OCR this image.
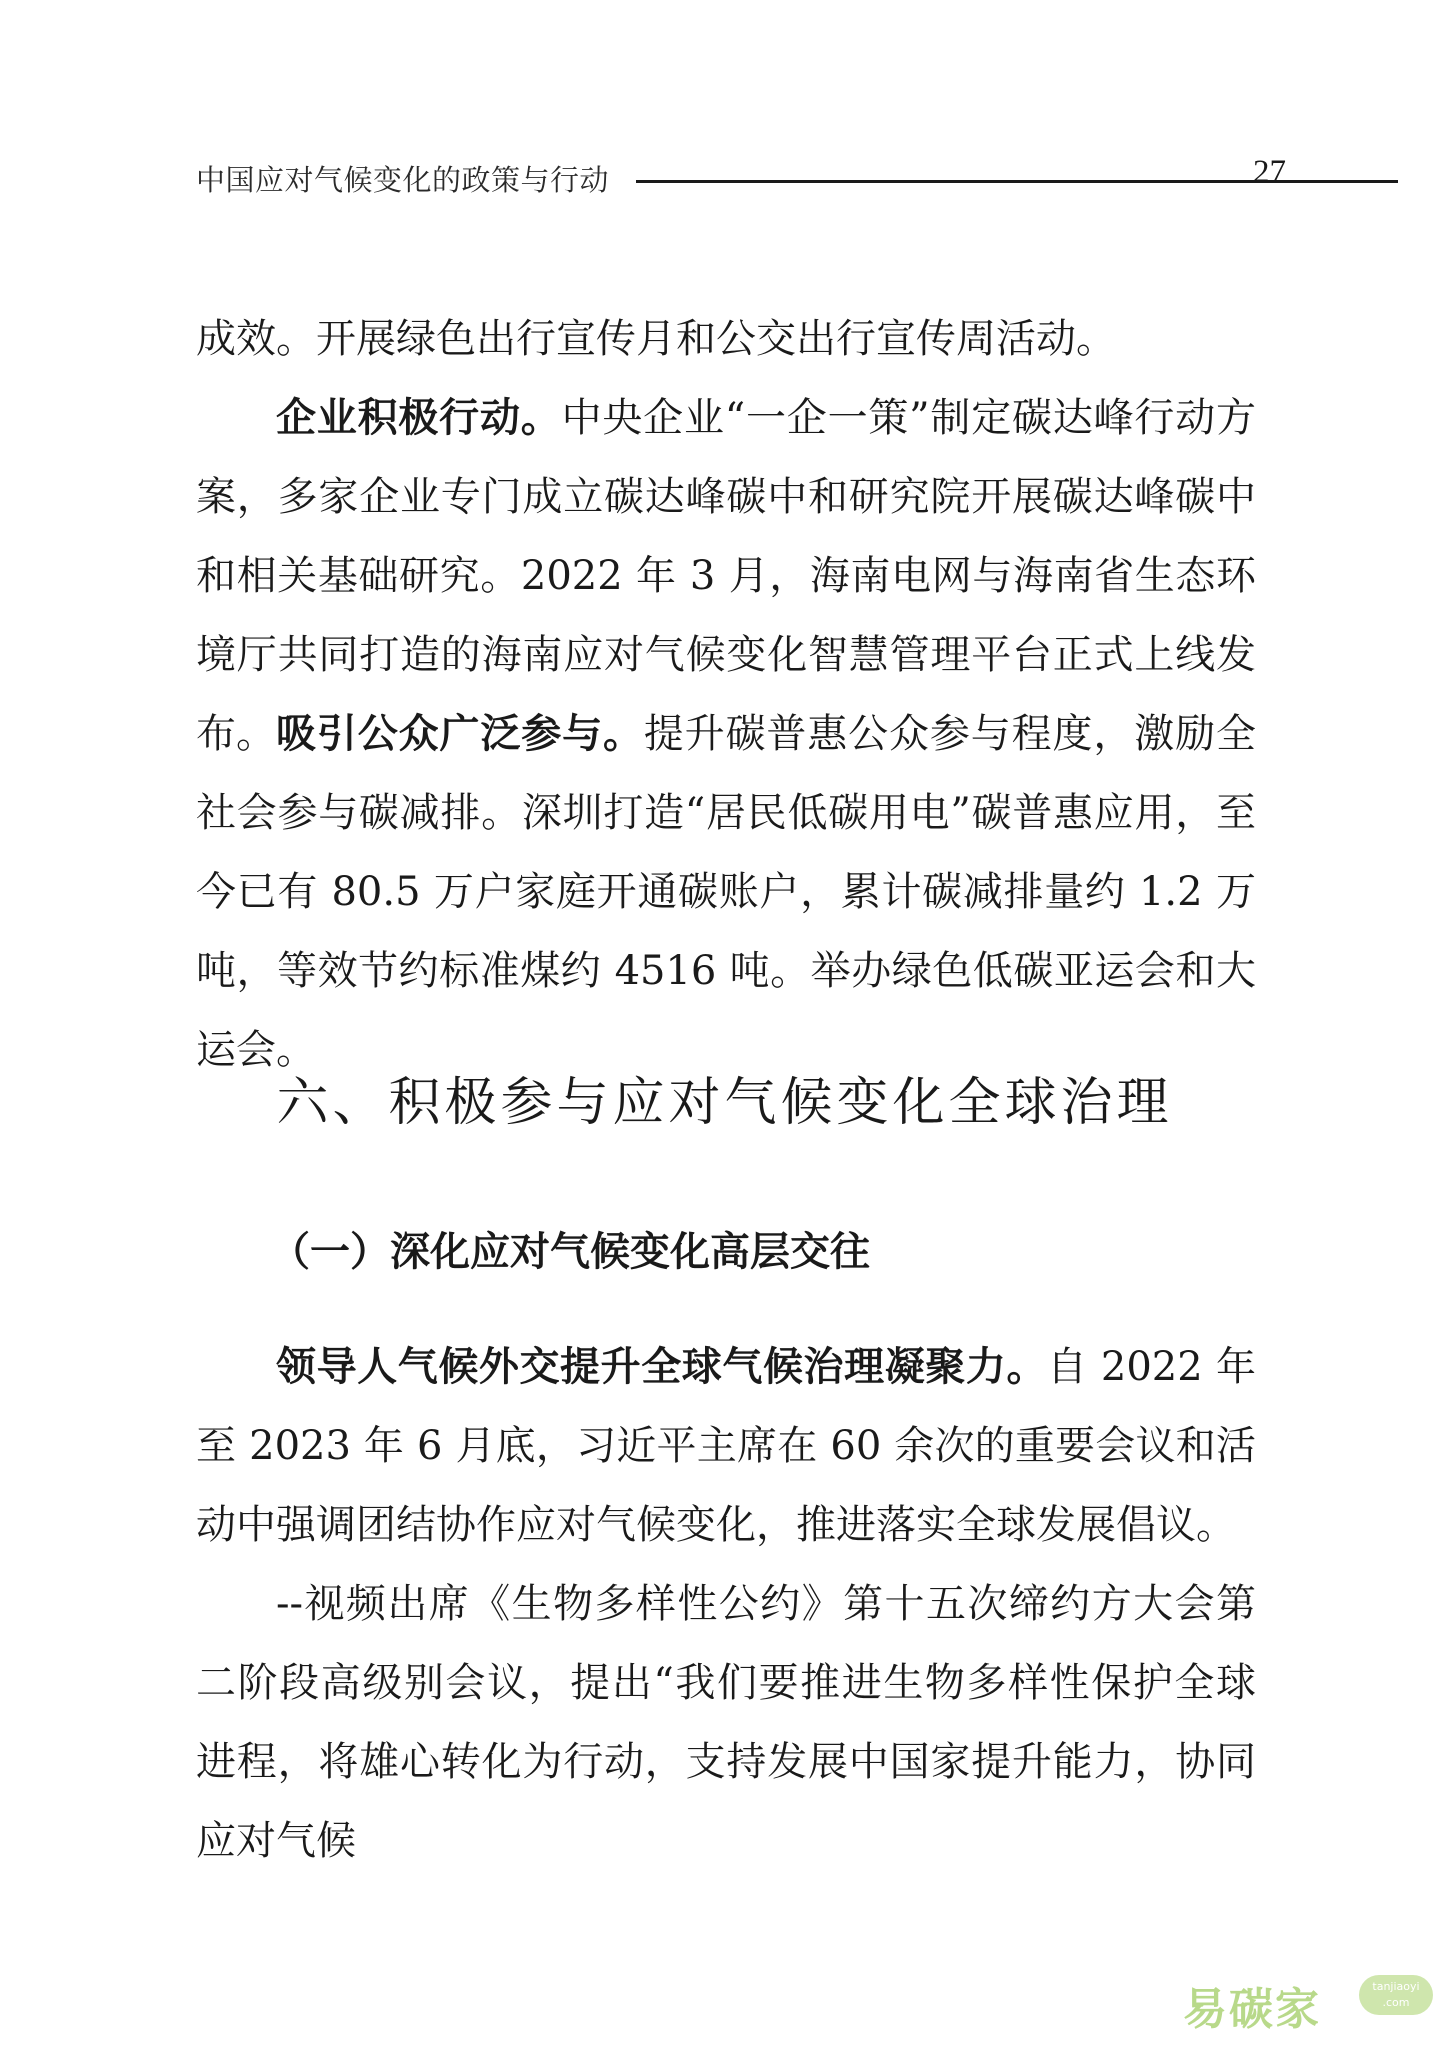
中国应对气候变化的政策与行动	27

成效。开展绿色出行宣传月和公交出行宣传周活动。

企业积极行动。中央企业“一企一策”制定碳达峰行动方案，多家企业专门成立碳达峰碳中和研究院开展碳达峰碳中和相关基础研究。2022 年 3 月，海南电网与海南省生态环境厅共同打造的海南应对气候变化智慧管理平台正式上线发布。 吸引公众广泛参与。提升碳普惠公众参与程度，激励全社会参与碳减排。深圳打造“居民低碳用电”碳普惠应用，至今已有 80.5 万户家庭开通碳账户，累计碳减排量约 1.2 万吨，等效节约标准煤约 4516 吨。举办绿色低碳亚运会和大运会。

六、积极参与应对气候变化全球治理
（一）深化应对气候变化高层交往

领导人气候外交提升全球气候治理凝聚力。自 2022 年至 2023 年 6 月底，习近平主席在 60 余次的重要会议和活动中强调团结协作应对气候变化，推进落实全球发展倡议。

--视频出席《生物多样性公约》第十五次缔约方大会第二阶段高级别会议，提出“我们要推进生物多样性保护全球进程，将雄心转化为行动，支持发展中国家提升能力，协同应对气候

易碳家	tanjiaoyi
.com
